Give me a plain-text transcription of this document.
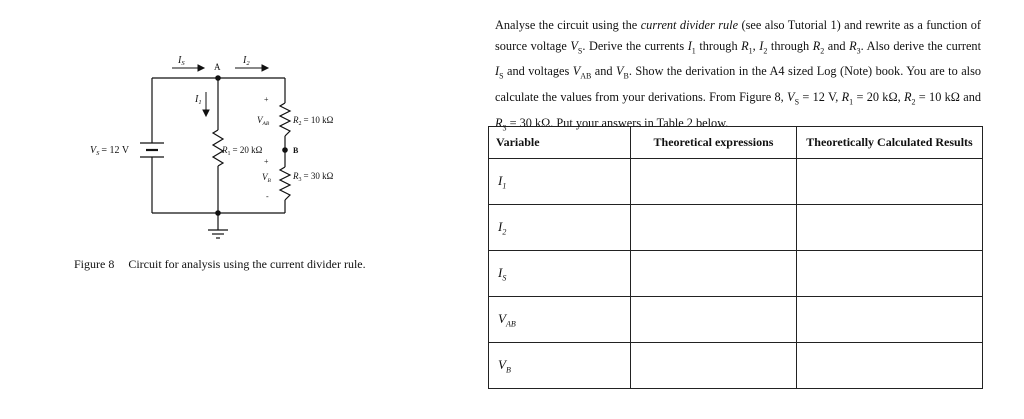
$I_S$	$I_2$
$I_1$
A
B
$V_S = 12$ V	$R_1 = 20$ kΩ
$R_2 = 10$ kΩ
$R_3 = 30$ kΩ
$V_{AB}$
$V_B$
+
+
-
Figure 8 Circuit for analysis using the current divider rule.

Analyse the circuit using the current divider rule (see also Tutorial 1) and rewrite as a function of source voltage $V_S$. Derive the currents $I_1$ through $R_1$, $I_2$ through $R_2$ and $R_3$. Also derive the current $I_S$ and voltages $V_{AB}$ and $V_B$. Show the derivation in the A4 sized Log (Note) book. You are to also calculate the values from your derivations. From Figure 8, $V_S = 12$ V, $R_1 = 20$ kΩ, $R_2 = 10$ kΩ and $R_3 = 30$ kΩ. Put your answers in Table 2 below.

Variable	Theoretical expressions	Theoretically Calculated Results
$I_1$		
$I_2$		
$I_S$		
$V_{AB}$		
$V_B$		
